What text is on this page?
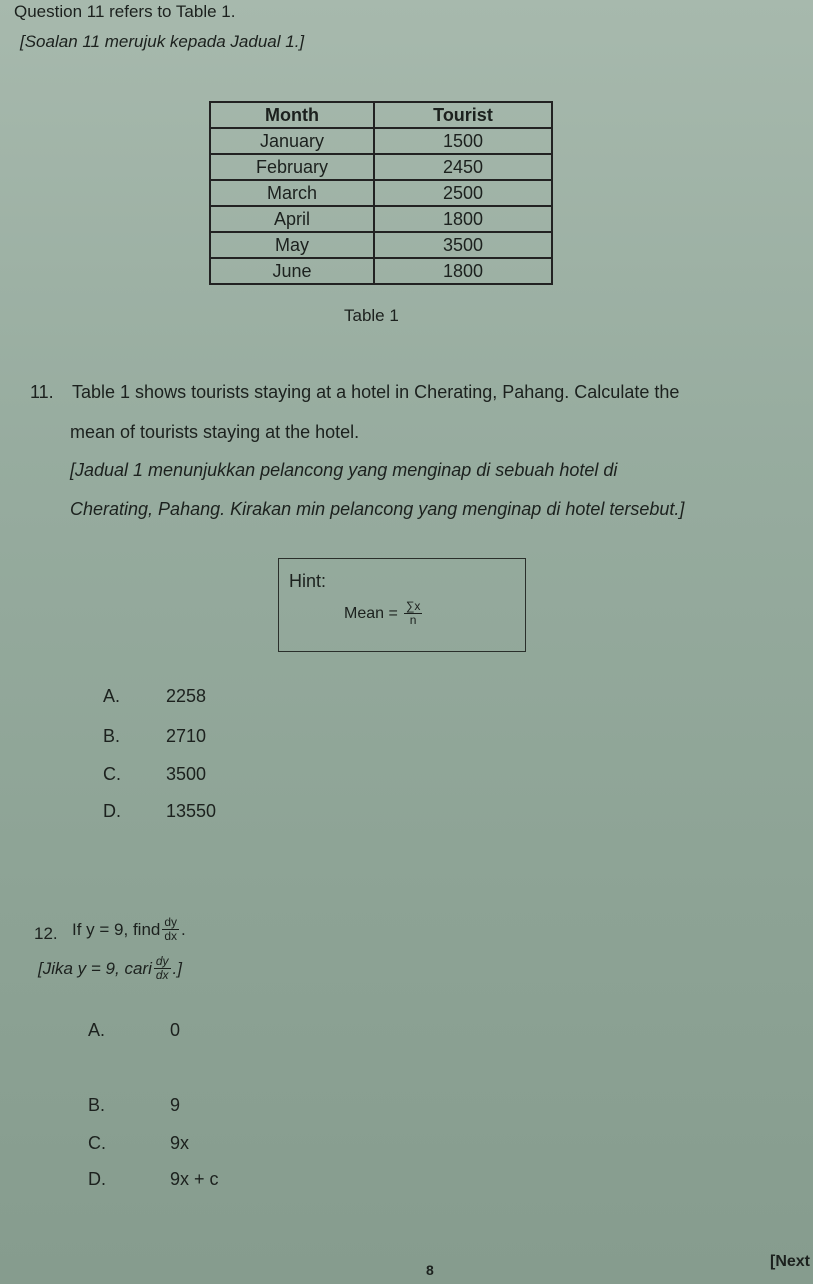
Question 11 refers to Table 1.
[Soalan 11 merujuk kepada Jadual 1.]
Month	Tourist
January	1500
February	2450
March	2500
April	1800
May	3500
June	1800
Table 1
11. Table 1 shows tourists staying at a hotel in Cherating, Pahang. Calculate the
mean of tourists staying at the hotel.
[Jadual 1 menunjukkan pelancong yang menginap di sebuah hotel di
Cherating, Pahang. Kirakan min pelancong yang menginap di hotel tersebut.]
Hint:
Mean = $\frac{\sum x}{n}$
A.	2258
B.	2710
C.	3500
D.	13550
12. If y = 9, find $\frac{dy}{dx}$ .
[Jika y = 9, cari $\frac{dy}{dx}$ .]
A.	0
B.	9
C.	9x
D.	9x + c
8	[Next
